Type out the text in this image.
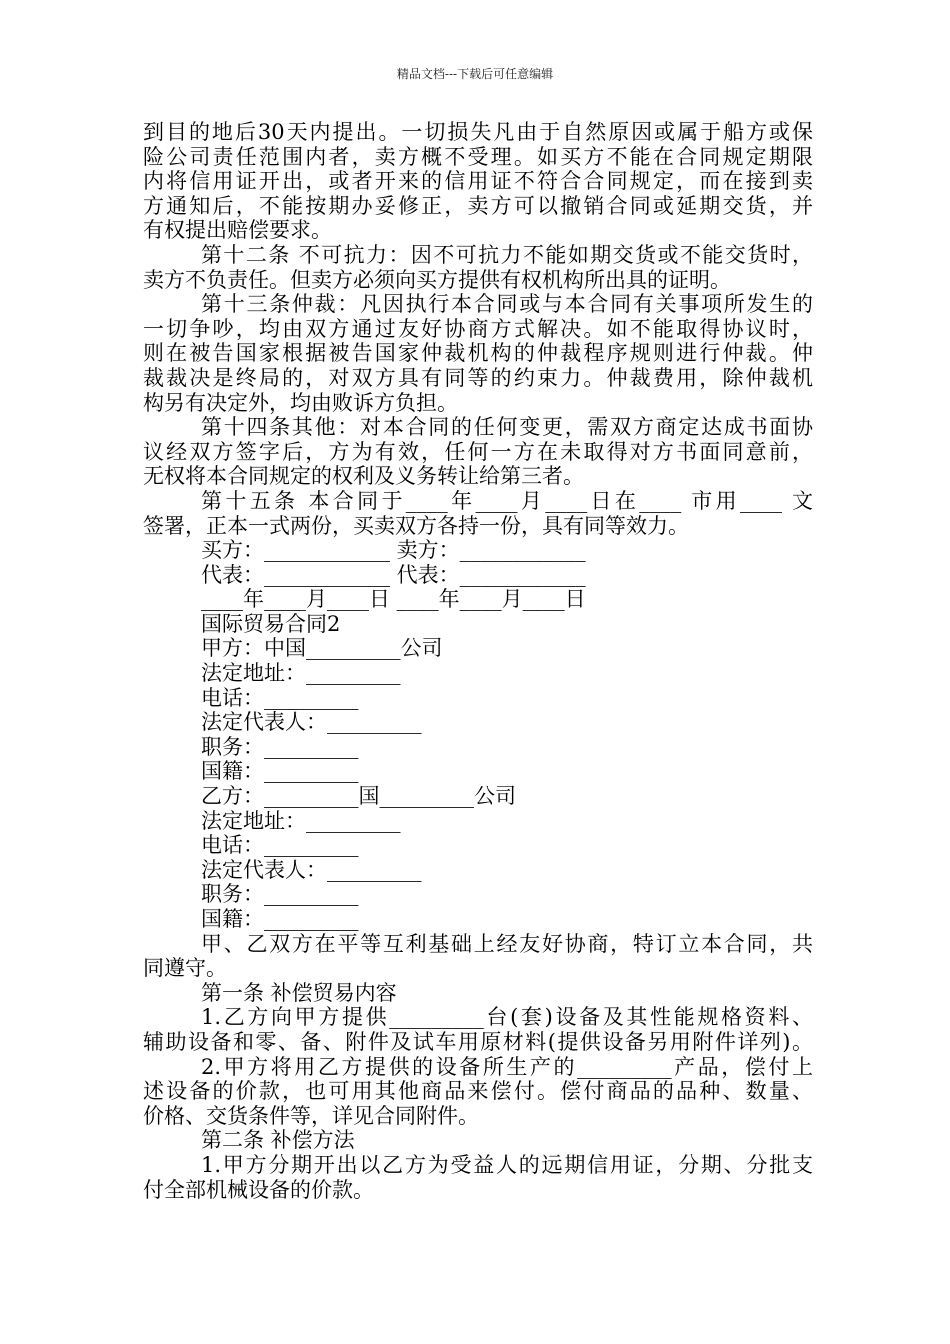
精品文档---下载后可任意编辑
到目的地后30天内提出。一切损失凡由于自然原因或属于船方或保
险公司责任范围内者，卖方概不受理。如买方不能在合同规定期限
内将信用证开出，或者开来的信用证不符合合同规定，而在接到卖
方通知后，不能按期办妥修正，卖方可以撤销合同或延期交货，并
有权提出赔偿要求。
第十二条 不可抗力：因不可抗力不能如期交货或不能交货时，
卖方不负责任。但卖方必须向买方提供有权机构所出具的证明。
第十三条仲裁：凡因执行本合同或与本合同有关事项所发生的
一切争吵，均由双方通过友好协商方式解决。如不能取得协议时，
则在被告国家根据被告国家仲裁机构的仲裁程序规则进行仲裁。仲
裁裁决是终局的，对双方具有同等的约束力。仲裁费用，除仲裁机
构另有决定外，均由败诉方负担。
第十四条其他：对本合同的任何变更，需双方商定达成书面协
议经双方签字后，方为有效，任何一方在未取得对方书面同意前，
无权将本合同规定的权利及义务转让给第三者。
第十五条 本合同于____年____月____日在____ 市用____ 文
签署，正本一式两份，买卖双方各持一份，具有同等效力。
买方：____________ 卖方：____________
代表：____________ 代表：____________
____年____月____日 ____年____月____日
国际贸易合同2
甲方：中国_________公司
法定地址：_________
电话：_________
法定代表人：_________
职务：_________
国籍：_________
乙方：_________国_________公司
法定地址：_________
电话：_________
法定代表人：_________
职务：_________
国籍：_________
甲、乙双方在平等互利基础上经友好协商，特订立本合同，共
同遵守。
第一条 补偿贸易内容
1.乙方向甲方提供_________台(套)设备及其性能规格资料、
辅助设备和零、备、附件及试车用原材料(提供设备另用附件详列)。
2.甲方将用乙方提供的设备所生产的_________产品，偿付上
述设备的价款，也可用其他商品来偿付。偿付商品的品种、数量、
价格、交货条件等，详见合同附件。
第二条 补偿方法
1.甲方分期开出以乙方为受益人的远期信用证，分期、分批支
付全部机械设备的价款。
